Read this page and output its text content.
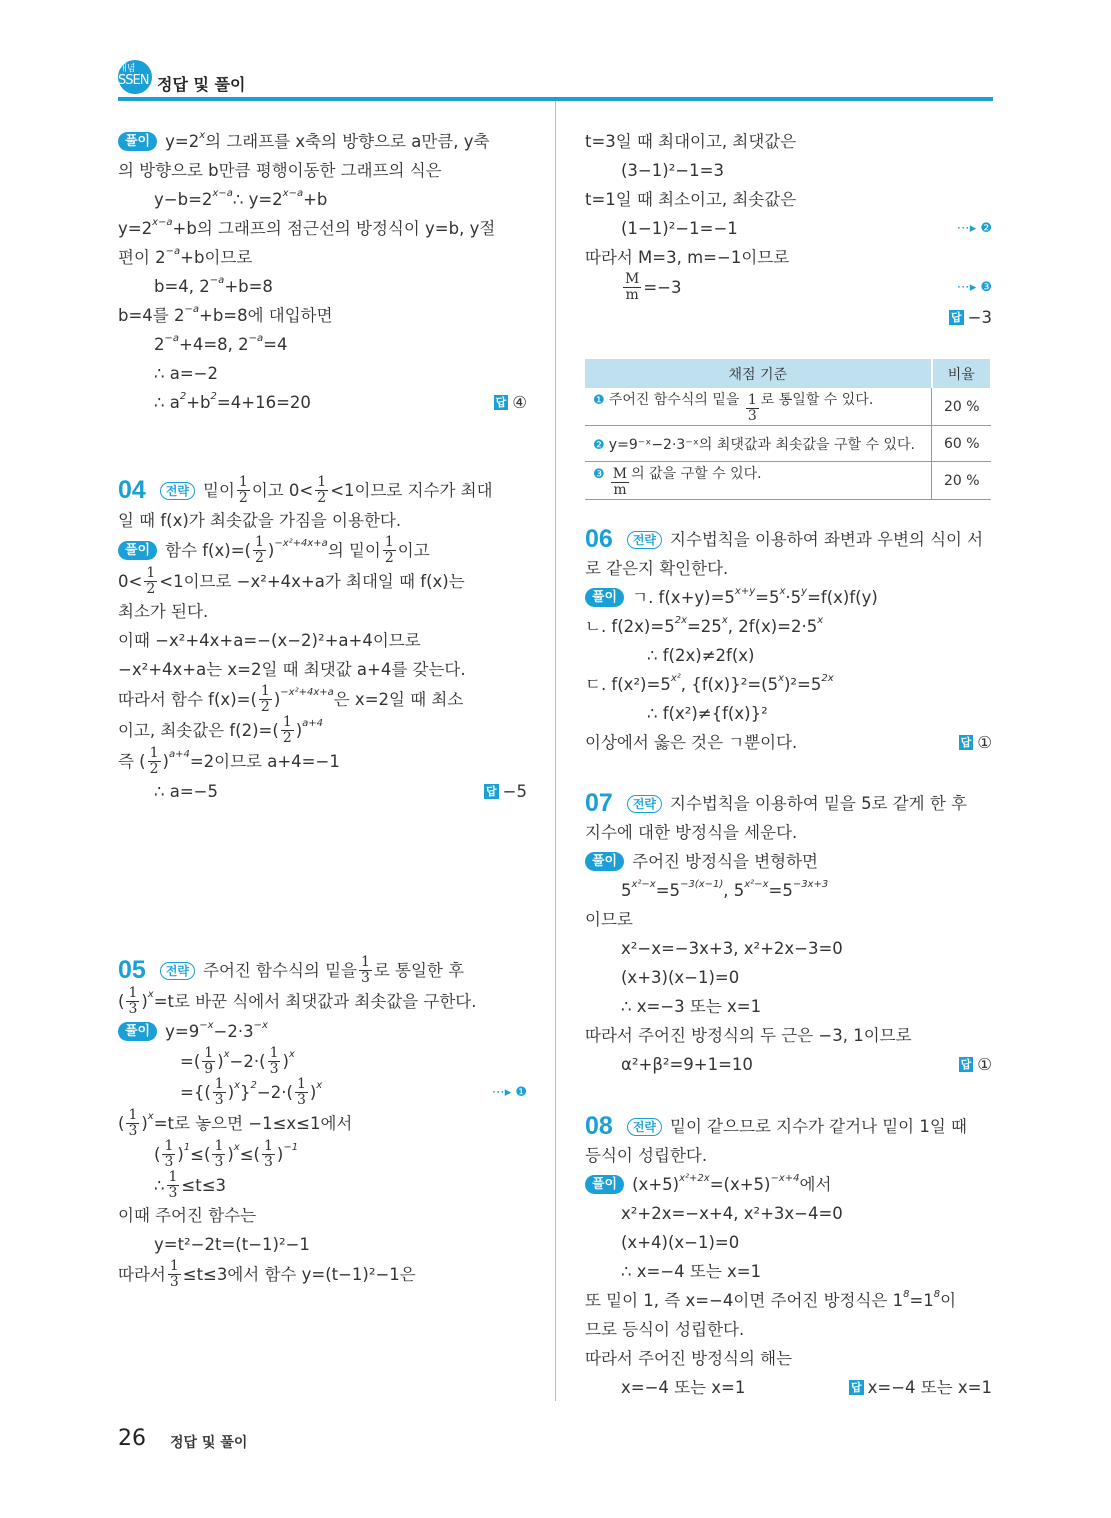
개념
SSEN 정답 및 풀이
풀이 y=2 x 의 그래프를 x축의 방향으로 a만큼, y축
의 방향으로 b만큼 평행이동한 그래프의 식은
y−b=2 x−a ∴ y=2 x−a +b
y=2 x−a +b의 그래프의 점근선의 방정식이 y=b, y절
편이 2 −a +b이므로
b=4, 2 −a +b=8
b=4를 2 −a +b=8에 대입하면
2 −a +4=8, 2 −a =4
∴ a=−2
∴ a 2 +b 2 =4+16=20	답 ④
04	전략 밑이 $\frac{1}{2}$ 이고 $0< \frac{1}{2} <1$이므로 지수가 최대
일 때 f(x)가 최솟값을 가짐을 이용한다.
풀이 함수 $f(x)=( \frac{1}{2}$ ) −x²+4x+a 의 밑이 $\frac{1}{2}$ 이고
$0< \frac{1}{2} <1$이므로 −x²+4x+a가 최대일 때 f(x)는
최소가 된다.
이때 −x²+4x+a=−(x−2)²+a+4이므로
−x²+4x+a는 x=2일 때 최댓값 a+4를 갖는다.
따라서 함수 $f(x)=( \frac{1}{2}$ ) −x²+4x+a 은 x=2일 때 최소
이고, 최솟값은 $f(2)=( \frac{1}{2}$ ) a+4
즉 ( $\frac{1}{2}$ ) a+4 =2이므로 a+4=−1
∴ a=−5	답 −5
05	전략 주어진 함수식의 밑을 $\frac{1}{3}$ 로 통일한 후
( $\frac{1}{3}$ ) x =t로 바꾼 식에서 최댓값과 최솟값을 구한다.
풀이 y=9 −x −2·3 −x
=( $\frac{1}{9}$ ) $x -2\cdot( \frac{1}{3}$ ) x
={( $\frac{1}{3}$ ) x } $2 -2\cdot( \frac{1}{3}$ ) x	⋯▸ ❶
( $\frac{1}{3}$ ) x =t로 놓으면 −1≤x≤1에서
( $\frac{1}{3}$ ) 1 ≤( $\frac{1}{3}$ ) x ≤( $\frac{1}{3}$ ) −1
∴ $\frac{1}{3} \le t\le 3$
이때 주어진 함수는
y=t²−2t=(t−1)²−1
따라서 $\frac{1}{3} \le t\le 3$에서 함수 y=(t−1)²−1은
t=3일 때 최대이고, 최댓값은
(3−1)²−1=3
t=1일 때 최소이고, 최솟값은
(1−1)²−1=−1	⋯▸ ❷
따라서 M=3, m=−1이므로
$\frac{M}{m} =-3$	⋯▸ ❸
답 −3
06	전략 지수법칙을 이용하여 좌변과 우변의 식이 서
로 같은지 확인한다.
풀이 ㄱ. f(x+y)=5 x+y =5 x ·5 y =f(x)f(y)
ㄴ. f(2x)=5 2x =25 x , 2f(x)=2·5 x
∴ f(2x)≠2f(x)
ㄷ. f(x²)=5 x² , {f(x)}²=(5 x )²=5 2x
∴ f(x²)≠{f(x)}²
이상에서 옳은 것은 ㄱ뿐이다.	답 ①
07	전략 지수법칙을 이용하여 밑을 5로 같게 한 후
지수에 대한 방정식을 세운다.
풀이 주어진 방정식을 변형하면
5 x²−x =5 −3(x−1) , 5 x²−x =5 −3x+3
이므로
x²−x=−3x+3, x²+2x−3=0
(x+3)(x−1)=0
∴ x=−3 또는 x=1
따라서 주어진 방정식의 두 근은 −3, 1이므로
α²+β²=9+1=10	답 ①
08	전략 밑이 같으므로 지수가 같거나 밑이 1일 때
등식이 성립한다.
풀이 (x+5) x²+2x =(x+5) −x+4 에서
x²+2x=−x+4, x²+3x−4=0
(x+4)(x−1)=0
∴ x=−4 또는 x=1
또 밑이 1, 즉 x=−4이면 주어진 방정식은 1 8 =1 8 이
므로 등식이 성립한다.
따라서 주어진 방정식의 해는
x=−4 또는 x=1	답 x=−4 또는 x=1
채점 기준	비율
❶ 주어진 함수식의 밑을 $\frac{1}{3}$ 로 통일할 수 있다.	20 %
❷ y=9⁻ˣ−2·3⁻ˣ의 최댓값과 최솟값을 구할 수 있다.	60 %
❸ $\frac{M}{m}$ 의 값을 구할 수 있다.	20 %
26 정답 및 풀이
